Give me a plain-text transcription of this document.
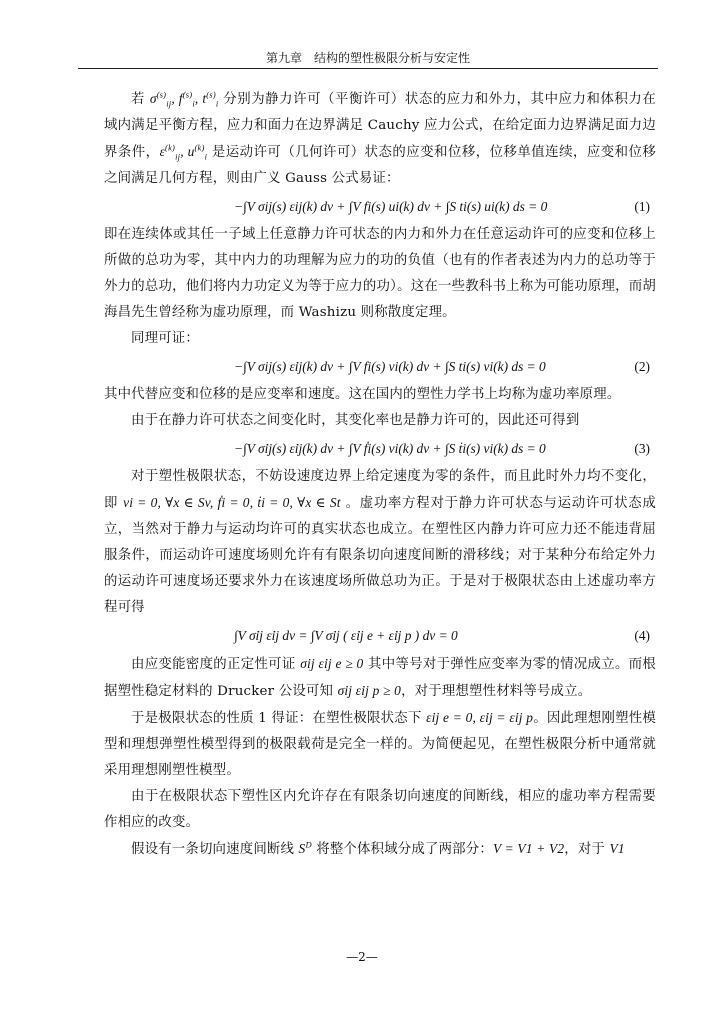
第九章　结构的塑性极限分析与安定性

若 $\sigma^{(s)}_{ij}$, $f^{(s)}_i$, $t^{(s)}_i$ 分别为静力许可（平衡许可）状态的应力和外力，其中应力和体积力在域内满足平衡方程，应力和面力在边界满足 Cauchy 应力公式，在给定面力边界满足面力边界条件，$\varepsilon^{(k)}_{ij}$, $u^{(k)}_i$ 是运动许可（几何许可）状态的应变和位移，位移单值连续，应变和位移之间满足几何方程，则由广义 Gauss 公式易证：

−∫V σij(s) εij(k) dv + ∫V fi(s) ui(k) dv + ∫S ti(s) ui(k) ds = 0	(1)

即在连续体或其任一子域上任意静力许可状态的内力和外力在任意运动许可的应变和位移上所做的总功为零，其中内力的功理解为应力的功的负值（也有的作者表述为内力的总功等于外力的总功，他们将内力功定义为等于应力的功）。这在一些教科书上称为可能功原理，而胡海昌先生曾经称为虚功原理，而 Washizu 则称散度定理。

同理可证：

−∫V σij(s) ε̇ij(k) dv + ∫V fi(s) vi(k) dv + ∫S ti(s) vi(k) ds = 0	(2)

其中代替应变和位移的是应变率和速度。这在国内的塑性力学书上均称为虚功率原理。

由于在静力许可状态之间变化时，其变化率也是静力许可的，因此还可得到

−∫V σ̇ij(s) ε̇ij(k) dv + ∫V ḟi(s) vi(k) dv + ∫S ṫi(s) vi(k) ds = 0	(3)

对于塑性极限状态，不妨设速度边界上给定速度为零的条件，而且此时外力均不变化，即 vi = 0, ∀x ∈ Sv, ḟi = 0, ṫi = 0, ∀x ∈ St 。虚功率方程对于静力许可状态与运动许可状态成立，当然对于静力与运动均许可的真实状态也成立。在塑性区内静力许可应力还不能违背屈服条件，而运动许可速度场则允许有有限条切向速度间断的滑移线；对于某种分布给定外力的运动许可速度场还要求外力在该速度场所做总功为正。于是对于极限状态由上述虚功率方程可得

∫V σ̇ij ε̇ij dv = ∫V σ̇ij ( ε̇ij e + ε̇ij p ) dv = 0	(4)

由应变能密度的正定性可证 σ̇ij ε̇ij e ≥ 0 其中等号对于弹性应变率为零的情况成立。而根据塑性稳定材料的 Drucker 公设可知 σ̇ij ε̇ij p ≥ 0，对于理想塑性材料等号成立。

于是极限状态的性质 1 得证：在塑性极限状态下 ε̇ij e = 0, ε̇ij = ε̇ij p。因此理想刚塑性模型和理想弹塑性模型得到的极限载荷是完全一样的。为简便起见，在塑性极限分析中通常就采用理想刚塑性模型。

由于在极限状态下塑性区内允许存在有限条切向速度的间断线，相应的虚功率方程需要作相应的改变。

假设有一条切向速度间断线 $S^D$ 将整个体积域分成了两部分：V = V1 + V2，对于 V1

—2—
